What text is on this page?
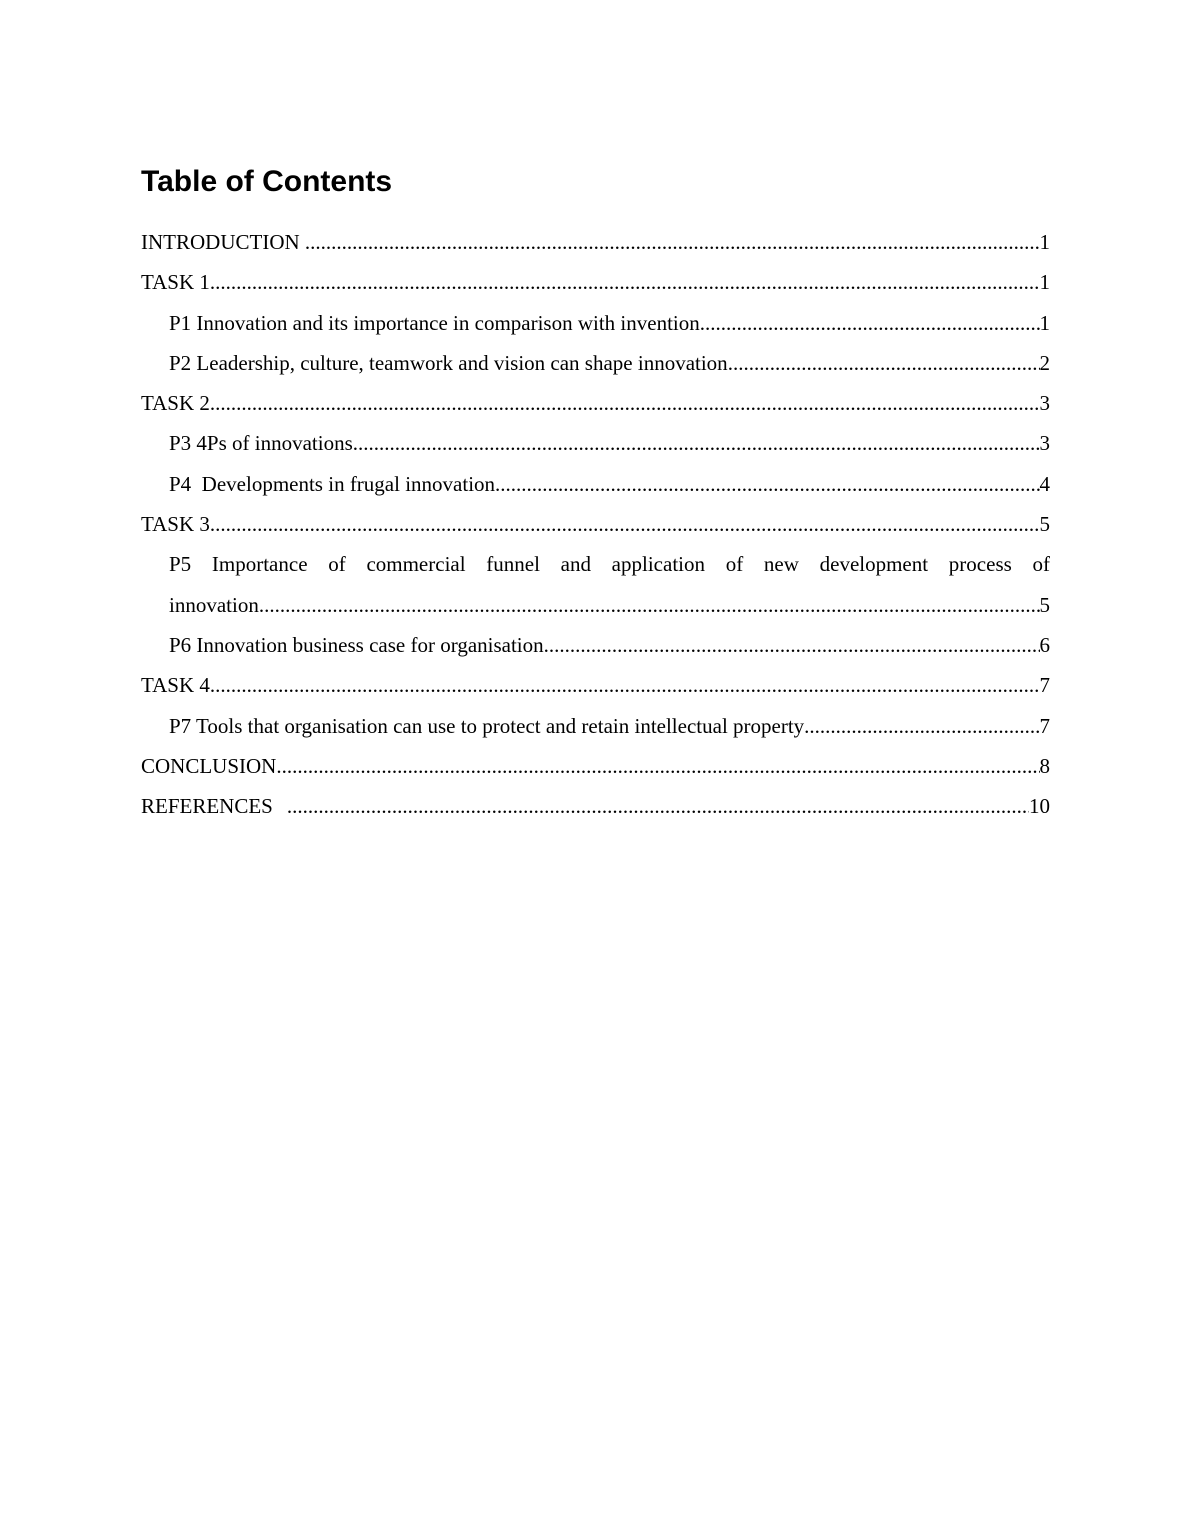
Table of Contents
INTRODUCTION .....	1
TASK 1 .....	1
P1 Innovation and its importance in comparison with invention .....	1
P2 Leadership, culture, teamwork and vision can shape innovation .....	2
TASK 2 .....	3
P3 4Ps of innovations .....	3
P4  Developments in frugal innovation .....	4
TASK 3 .....	5
P5 Importance of commercial funnel and application of new development process of
innovation .....	5
P6 Innovation business case for organisation .....	6
TASK 4 .....	7
P7 Tools that organisation can use to protect and retain intellectual property .....	7
CONCLUSION .....	8
REFERENCES .....	10
